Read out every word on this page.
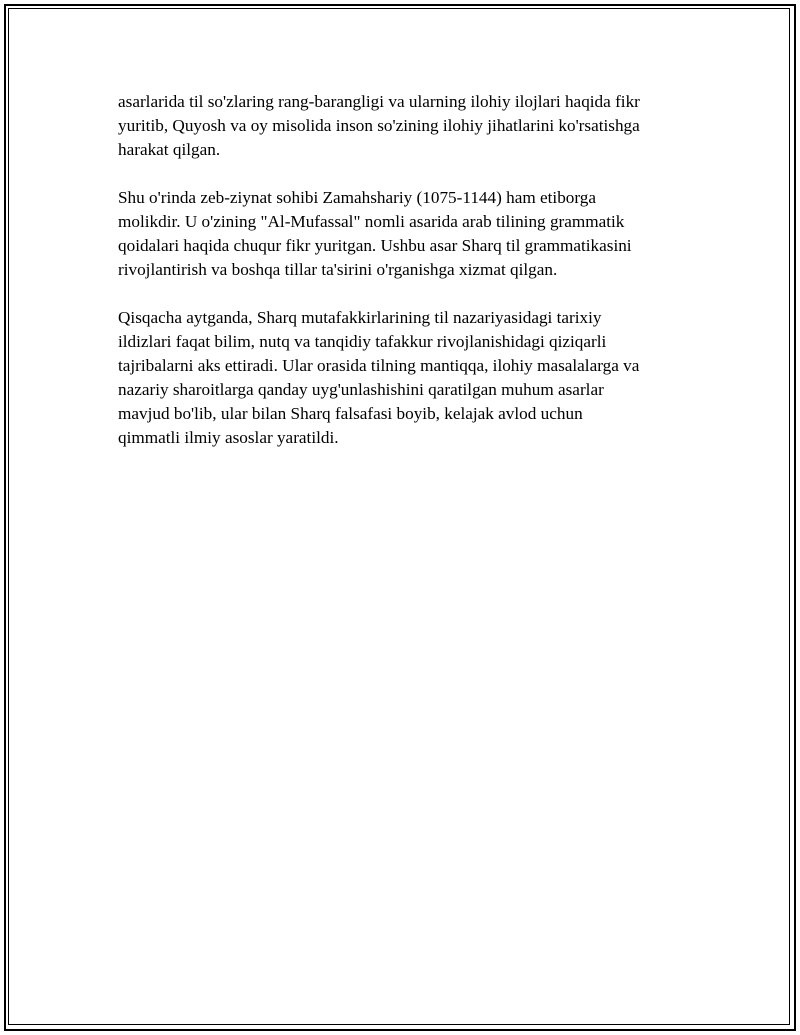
asarlarida til so'zlaring rang-barangligi va ularning ilohiy ilojlari haqida fikr
yuritib, Quyosh va oy misolida inson so'zining ilohiy jihatlarini ko'rsatishga
harakat qilgan.

Shu o'rinda zeb-ziynat sohibi Zamahshariy (1075-1144) ham etiborga
molikdir. U o'zining "Al-Mufassal" nomli asarida arab tilining grammatik
qoidalari haqida chuqur fikr yuritgan. Ushbu asar Sharq til grammatikasini
rivojlantirish va boshqa tillar ta'sirini o'rganishga xizmat qilgan.

Qisqacha aytganda, Sharq mutafakkirlarining til nazariyasidagi tarixiy
ildizlari faqat bilim, nutq va tanqidiy tafakkur rivojlanishidagi qiziqarli
tajribalarni aks ettiradi. Ular orasida tilning mantiqqa, ilohiy masalalarga va
nazariy sharoitlarga qanday uyg'unlashishini qaratilgan muhum asarlar
mavjud bo'lib, ular bilan Sharq falsafasi boyib, kelajak avlod uchun
qimmatli ilmiy asoslar yaratildi.
